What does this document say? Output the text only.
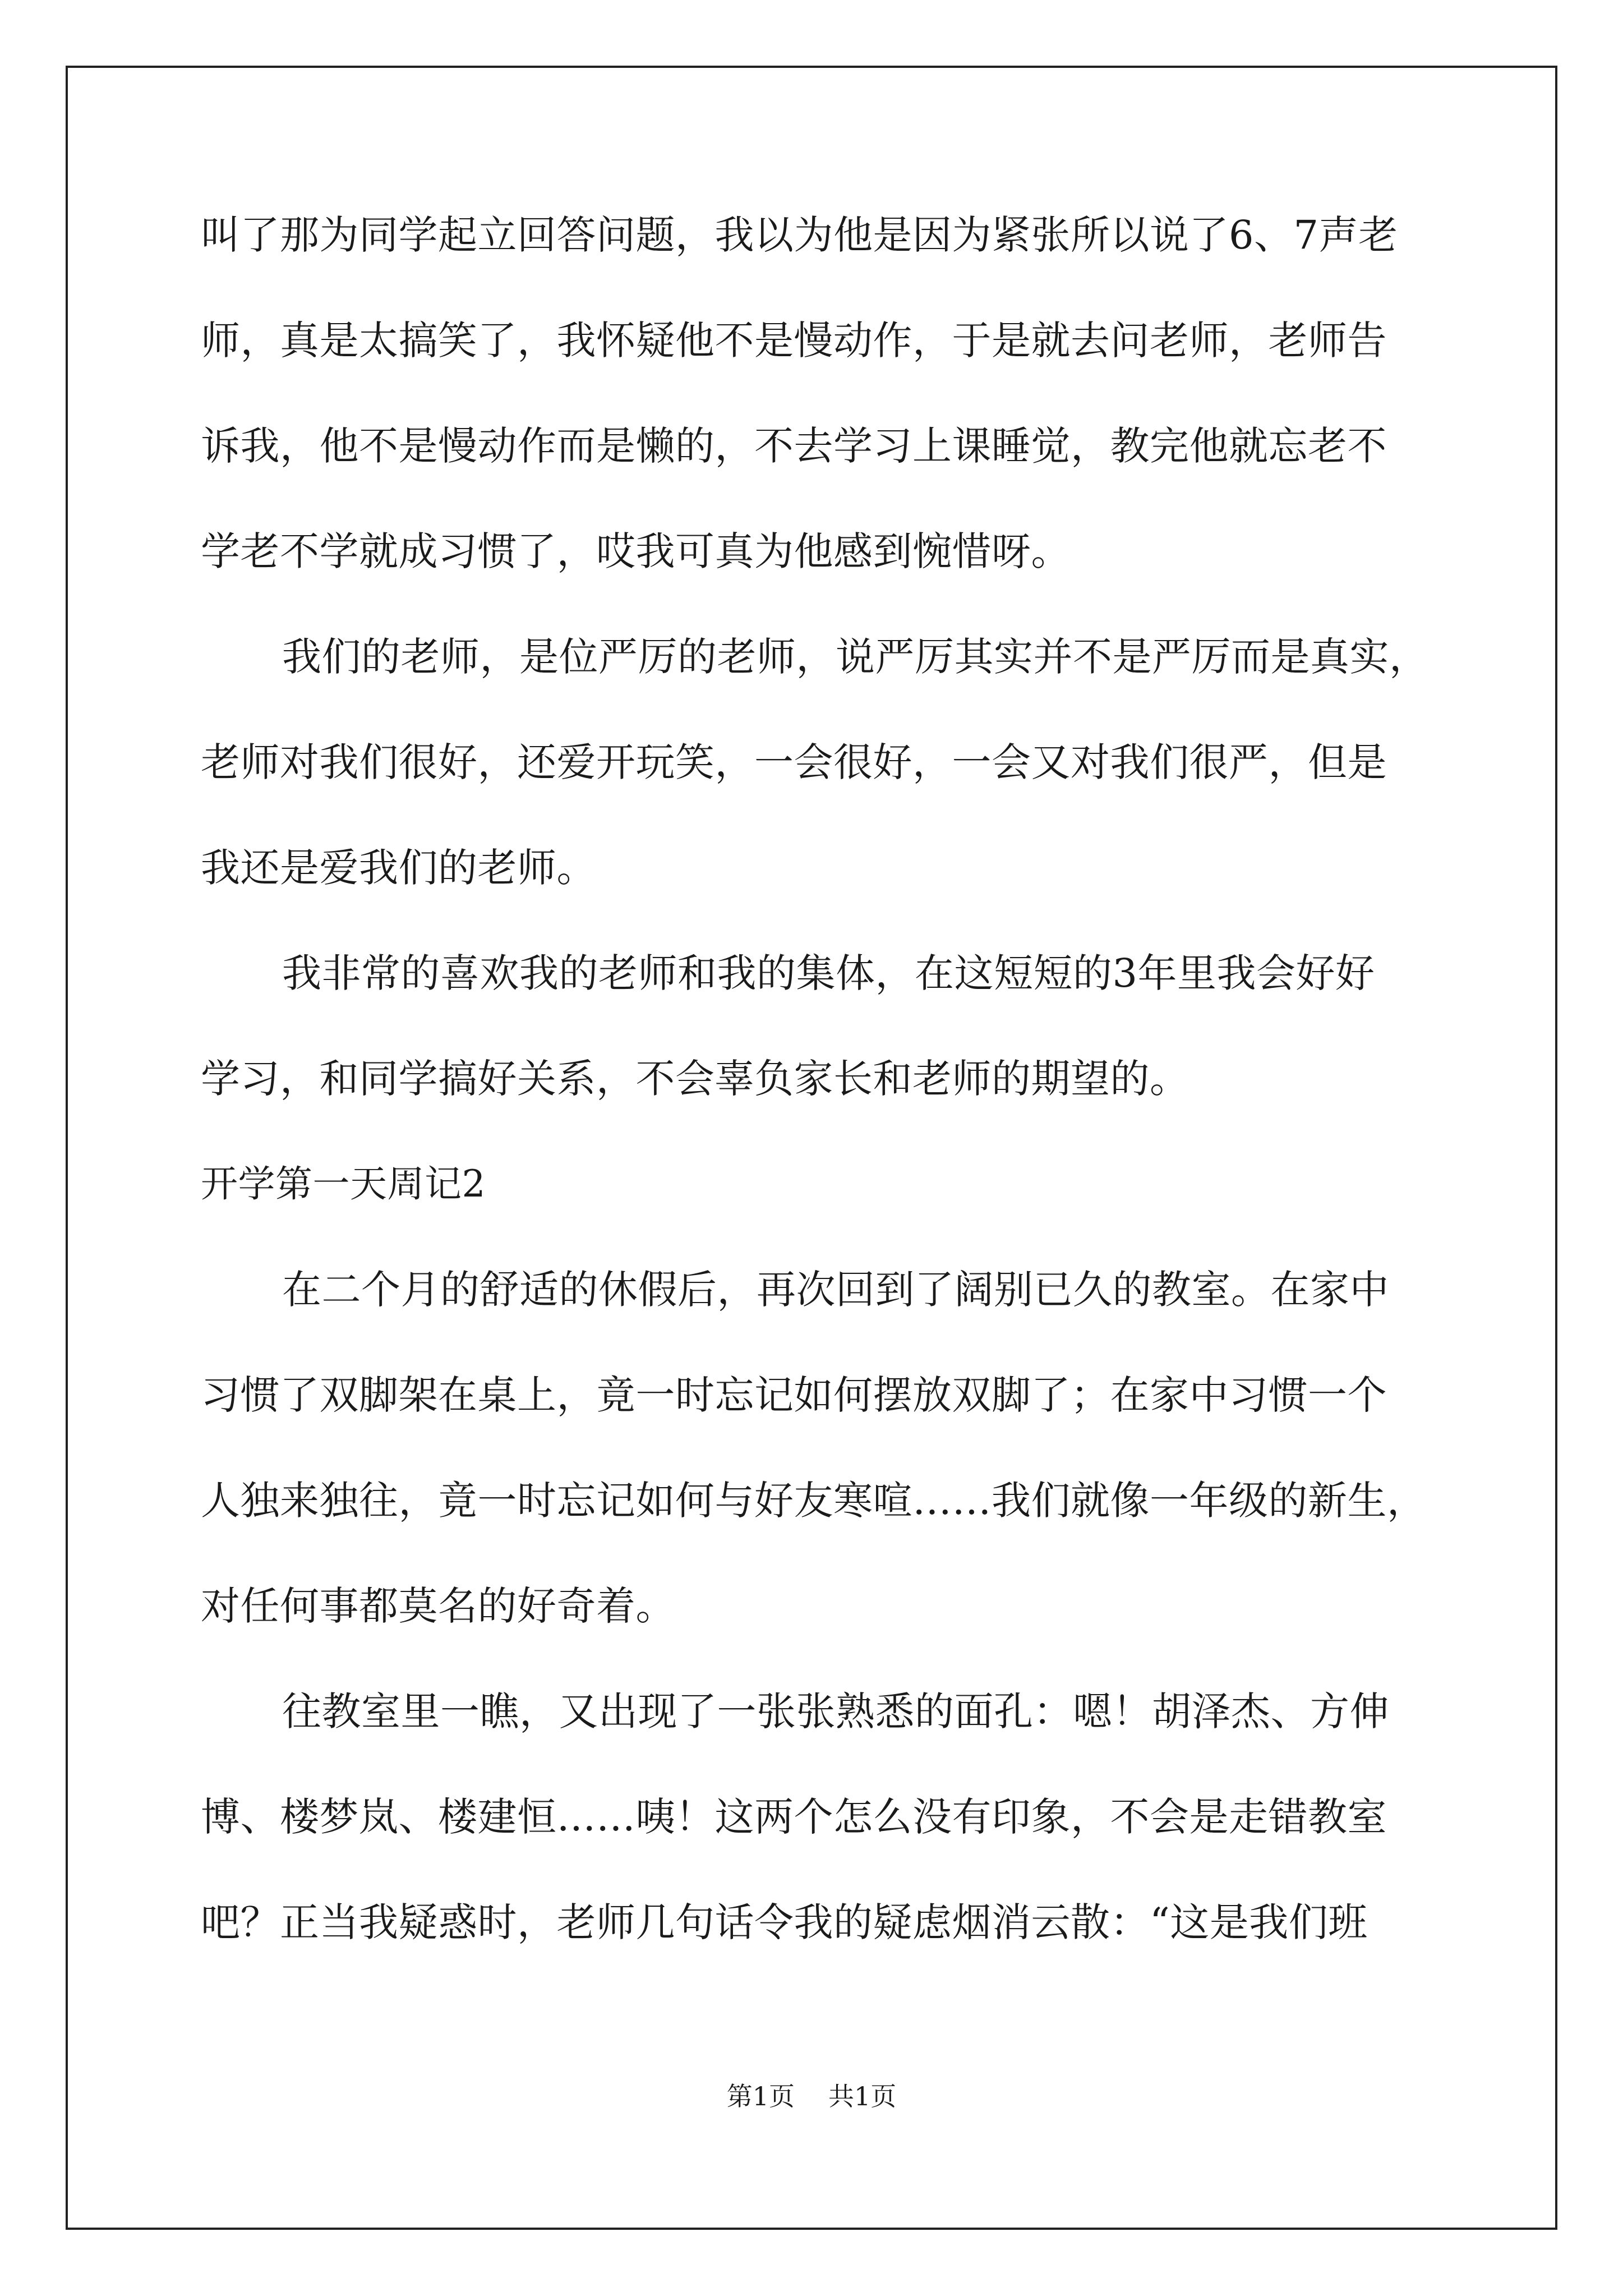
叫了那为同学起立回答问题，我以为他是因为紧张所以说了6、7声老
师，真是太搞笑了，我怀疑他不是慢动作，于是就去问老师，老师告
诉我，他不是慢动作而是懒的，不去学习上课睡觉，教完他就忘老不
学老不学就成习惯了，哎我可真为他感到惋惜呀。
我们的老师，是位严厉的老师，说严厉其实并不是严厉而是真实，
老师对我们很好，还爱开玩笑，一会很好，一会又对我们很严，但是
我还是爱我们的老师。
我非常的喜欢我的老师和我的集体，在这短短的3年里我会好好
学习，和同学搞好关系，不会辜负家长和老师的期望的。
开学第一天周记2
在二个月的舒适的休假后，再次回到了阔别已久的教室。在家中
习惯了双脚架在桌上，竟一时忘记如何摆放双脚了；在家中习惯一个
人独来独往，竟一时忘记如何与好友寒喧……我们就像一年级的新生，
对任何事都莫名的好奇着。
往教室里一瞧，又出现了一张张熟悉的面孔：嗯！胡泽杰、方伸
博、楼梦岚、楼建恒……咦！这两个怎么没有印象，不会是走错教室
吧？正当我疑惑时，老师几句话令我的疑虑烟消云散：“这是我们班
第1页 共1页
